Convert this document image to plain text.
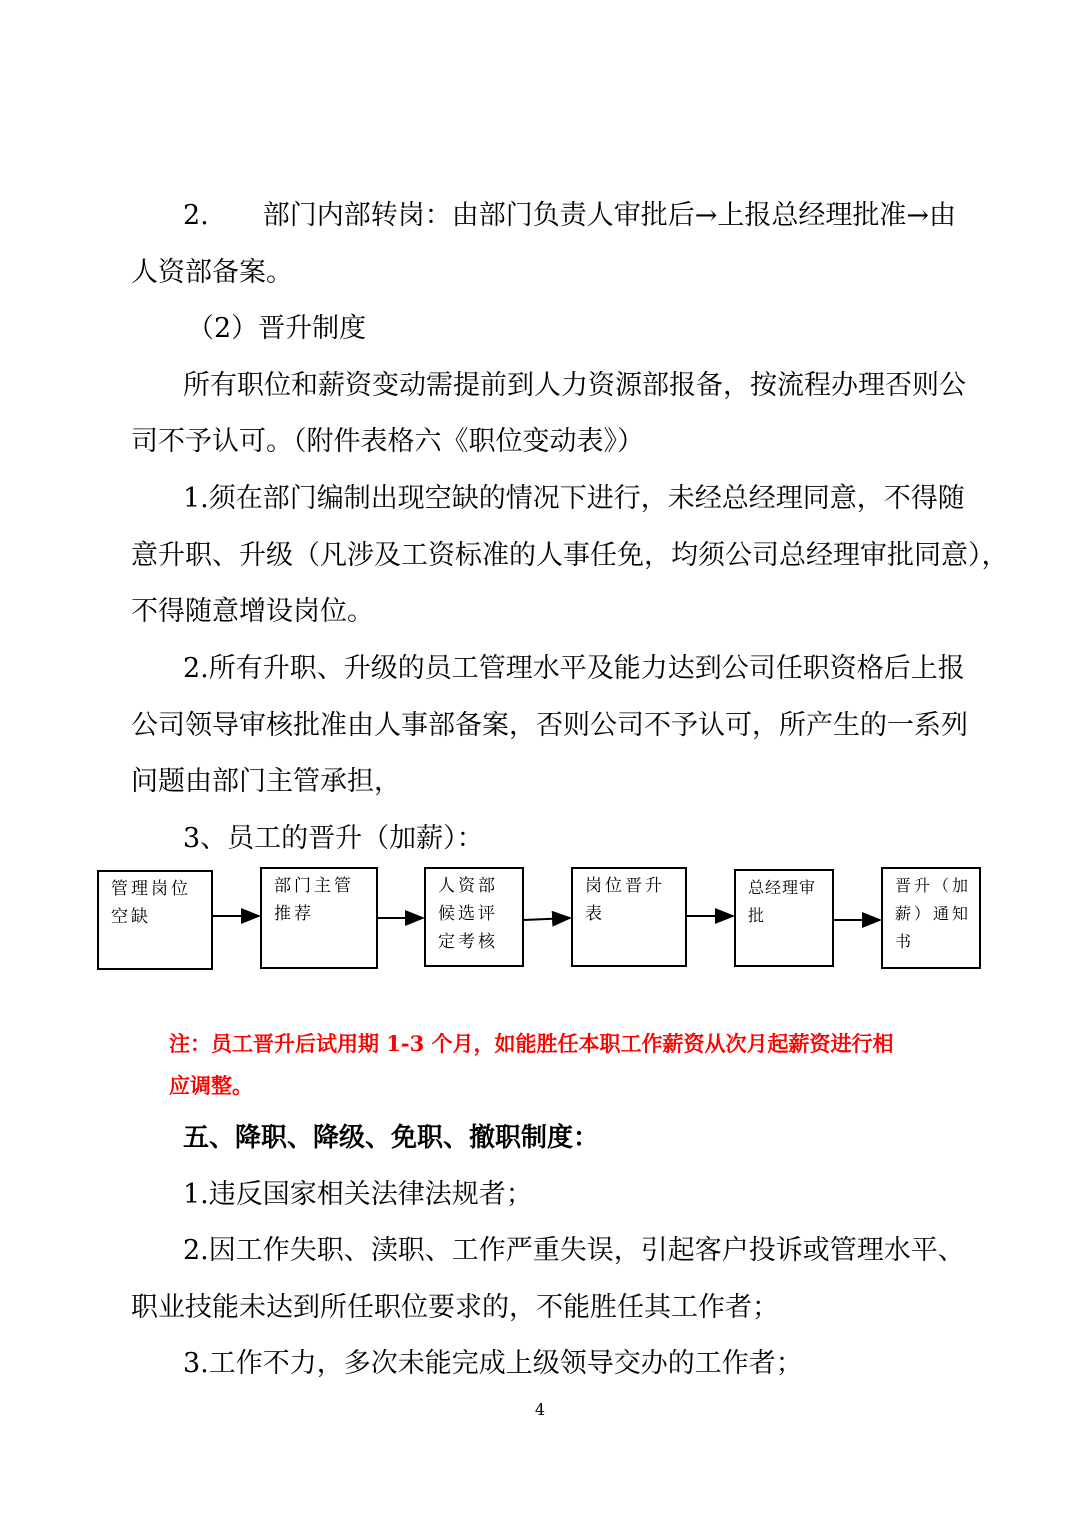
2.　　部门内部转岗：由部门负责人审批后→上报总经理批准→由
人资部备案。
（2）晋升制度
所有职位和薪资变动需提前到人力资源部报备，按流程办理否则公
司不予认可。（附件表格六《职位变动表》）
1.须在部门编制出现空缺的情况下进行，未经总经理同意，不得随
意升职、升级（凡涉及工资标准的人事任免，均须公司总经理审批同意），
不得随意增设岗位。
2.所有升职、升级的员工管理水平及能力达到公司任职资格后上报
公司领导审核批准由人事部备案，否则公司不予认可，所产生的一系列
问题由部门主管承担，
3、员工的晋升（加薪）：
管理岗位空缺
部门主管推荐
人资部候选评定考核
岗位晋升表
总经理审批
晋升（加薪）通知书
注：员工晋升后试用期 1-3 个月，如能胜任本职工作薪资从次月起薪资进行相
应调整。
五、降职、降级、免职、撤职制度：
1.违反国家相关法律法规者；
2.因工作失职、渎职、工作严重失误，引起客户投诉或管理水平、
职业技能未达到所任职位要求的，不能胜任其工作者；
3.工作不力，多次未能完成上级领导交办的工作者；
4
